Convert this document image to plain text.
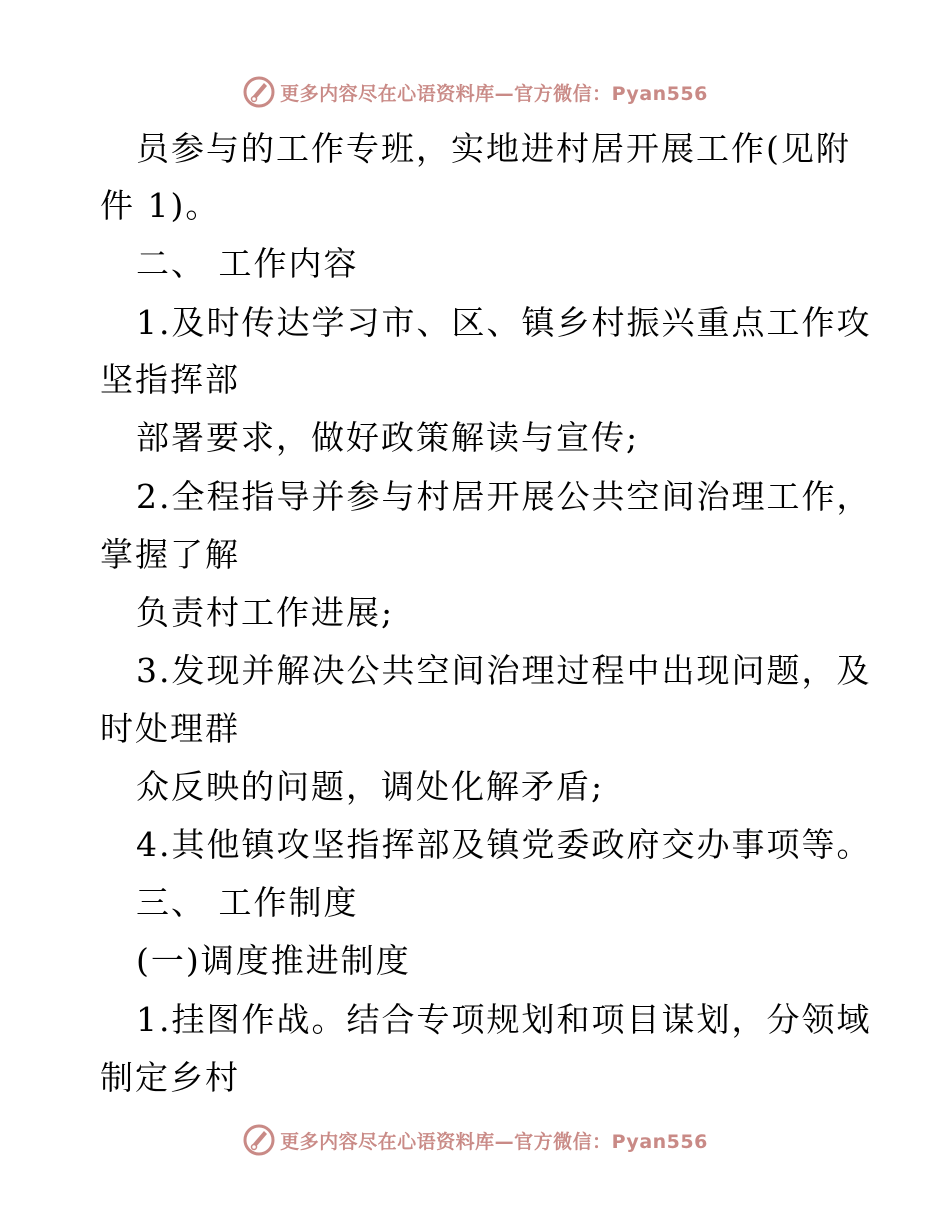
更多内容尽在心语资料库—官方微信：Pyan556
员参与的工作专班，实地进村居开展工作(见附
件 1)。
二、 工作内容
1.及时传达学习市、区、镇乡村振兴重点工作攻
坚指挥部
部署要求，做好政策解读与宣传;
2.全程指导并参与村居开展公共空间治理工作，
掌握了解
负责村工作进展;
3.发现并解决公共空间治理过程中出现问题，及
时处理群
众反映的问题，调处化解矛盾;
4.其他镇攻坚指挥部及镇党委政府交办事项等。
三、 工作制度
(一)调度推进制度
1.挂图作战。结合专项规划和项目谋划，分领域
制定乡村
更多内容尽在心语资料库—官方微信：Pyan556
